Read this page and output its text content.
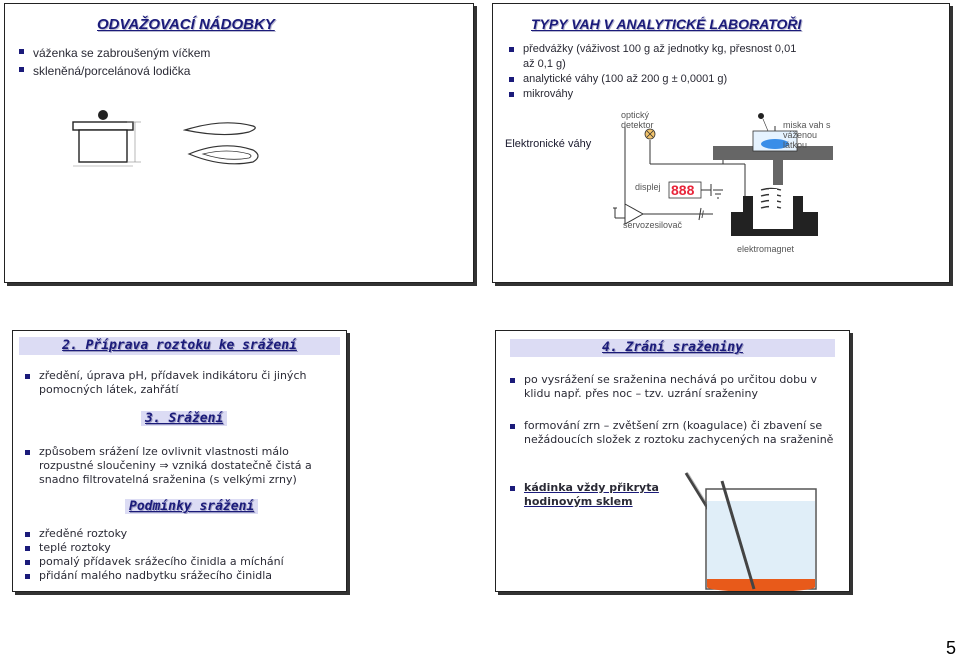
ODVAŽOVACÍ NÁDOBKY
váženka se zabroušeným víčkem
skleněná/porcelánová lodička
TYPY VAH V ANALYTICKÉ LABORATOŘI
předvážky (váživost 100 g až jednotky kg, přesnost 0,01 až 0,1 g)
analytické váhy (100 až 200 g ± 0,0001 g)
mikrováhy
Elektronické váhy
888
optický detektor	miska vah s váženou látkou
displej
servozesilovač
I
elektromagnet
2. Příprava roztoku ke srážení
zředění, úprava pH, přídavek indikátoru či jiných pomocných látek, zahřátí
3. Srážení
způsobem srážení lze ovlivnit vlastnosti málo rozpustné sloučeniny ⇒ vzniká dostatečně čistá a snadno filtrovatelná sraženina (s velkými zrny)
Podmínky srážení
zředěné roztoky
teplé roztoky
pomalý přídavek srážecího činidla a míchání
přidání malého nadbytku srážecího činidla
4. Zrání sraženiny
po vysrážení se sraženina nechává po určitou dobu v klidu např. přes noc – tzv. uzrání sraženiny
formování zrn – zvětšení zrn (koagulace) či zbavení se nežádoucích složek z roztoku zachycených na sraženině
kádinka vždy přikryta hodinovým sklem
5
